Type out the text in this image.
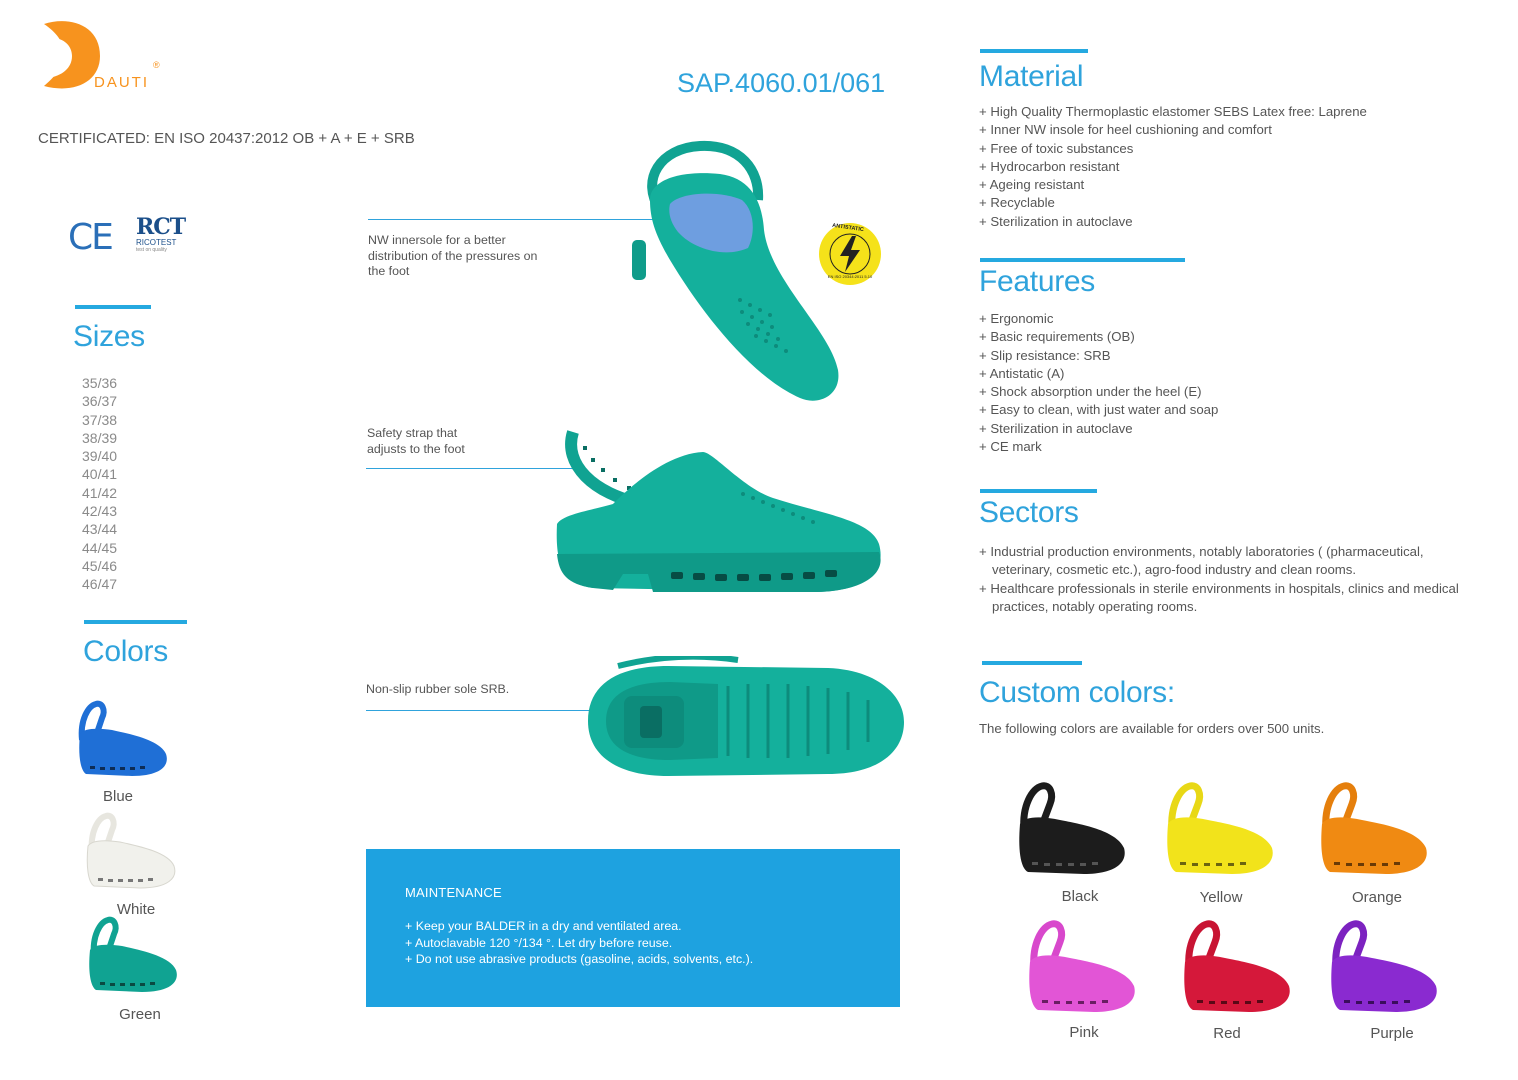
DAUTI
®
SAP.4060.01/061
CERTIFICATED: EN ISO 20437:2012 OB + A + E + SRB
CE RCT
RICOTEST
test on quality
Sizes
35/36
36/37
37/38
38/39
39/40
40/41
41/42
42/43
43/44
44/45
45/46
46/47
Colors
Blue
White
Green
NW innersole for a better distribution of the pressures on the foot
ANTISTATIC
EN ISO 20344:2011 5.10
Safety strap that adjusts to the foot
Non-slip rubber sole SRB.
MAINTENANCE
+ Keep your BALDER in a dry and ventilated area.
+ Autoclavable 120 °/134 °. Let dry before reuse.
+ Do not use abrasive products (gasoline, acids, solvents, etc.).
Material
+ High Quality Thermoplastic elastomer SEBS Latex free: Laprene
+ Inner NW insole for heel cushioning and comfort
+ Free of toxic substances
+ Hydrocarbon resistant
+ Ageing resistant
+ Recyclable
+ Sterilization in autoclave
Features
+ Ergonomic
+ Basic requirements (OB)
+ Slip resistance: SRB
+ Antistatic (A)
+ Shock absorption under the heel (E)
+ Easy to clean, with just water and soap
+ Sterilization in autoclave
+ CE mark
Sectors
+ Industrial production environments, notably laboratories ( (pharmaceutical, veterinary, cosmetic etc.), agro-food industry and clean rooms.
+ Healthcare professionals in sterile environments in hospitals, clinics and medical practices, notably operating rooms.
Custom colors:
The following colors are available for orders over 500 units.
Black	Yellow	Orange
Pink	Red	Purple
